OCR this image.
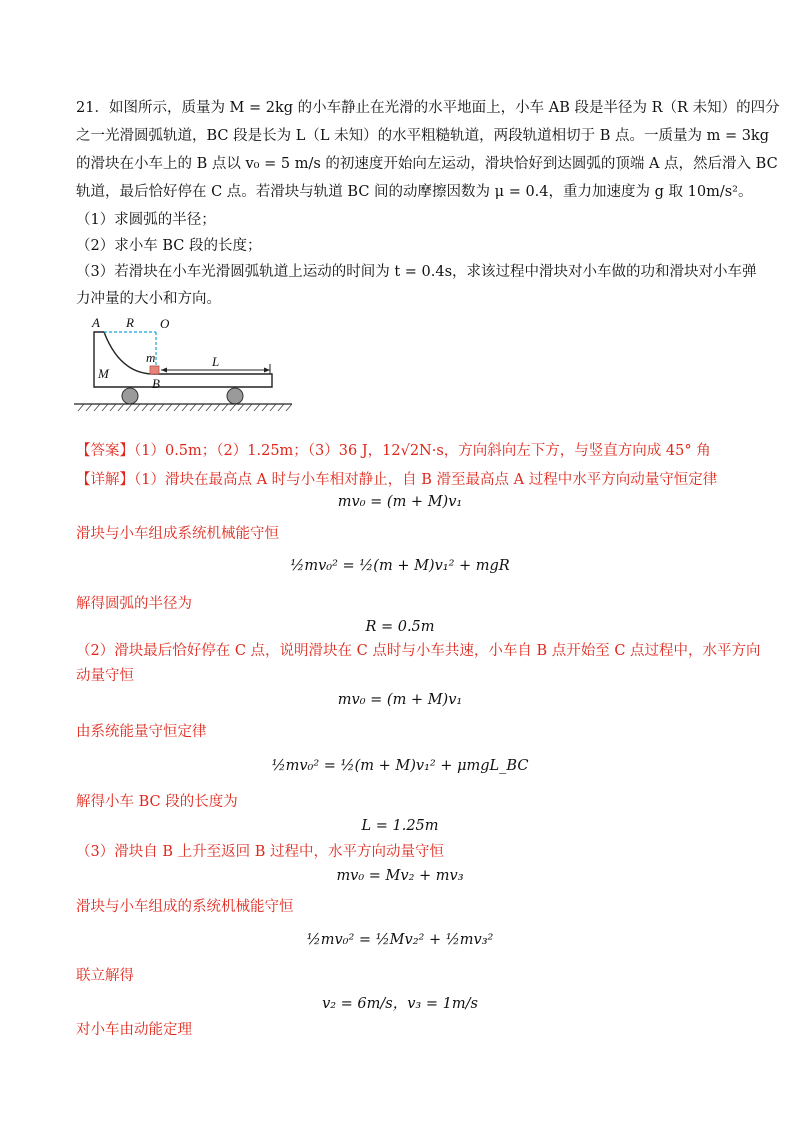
21．如图所示，质量为 M = 2kg 的小车静止在光滑的水平地面上，小车 AB 段是半径为 R（R 未知）的四分
之一光滑圆弧轨道，BC 段是长为 L（L 未知）的水平粗糙轨道，两段轨道相切于 B 点。一质量为 m = 3kg
的滑块在小车上的 B 点以 v₀ = 5 m/s 的初速度开始向左运动，滑块恰好到达圆弧的顶端 A 点，然后滑入 BC
轨道，最后恰好停在 C 点。若滑块与轨道 BC 间的动摩擦因数为 μ = 0.4，重力加速度为 g 取 10m/s²。
（1）求圆弧的半径；
（2）求小车 BC 段的长度；
（3）若滑块在小车光滑圆弧轨道上运动的时间为 t = 0.4s，求该过程中滑块对小车做的功和滑块对小车弹
力冲量的大小和方向。
A R O
m
M
L
B
【答案】（1）0.5m；（2）1.25m；（3）36 J，12√2N·s，方向斜向左下方，与竖直方向成 45° 角
【详解】（1）滑块在最高点 A 时与小车相对静止，自 B 滑至最高点 A 过程中水平方向动量守恒定律
mv₀ = (m + M)v₁
滑块与小车组成系统机械能守恒
½mv₀² = ½(m + M)v₁² + mgR
解得圆弧的半径为
R = 0.5m
（2）滑块最后恰好停在 C 点，说明滑块在 C 点时与小车共速，小车自 B 点开始至 C 点过程中，水平方向
动量守恒
mv₀ = (m + M)v₁
由系统能量守恒定律
½mv₀² = ½(m + M)v₁² + μmgL_BC
解得小车 BC 段的长度为
L = 1.25m
（3）滑块自 B 上升至返回 B 过程中，水平方向动量守恒
mv₀ = Mv₂ + mv₃
滑块与小车组成的系统机械能守恒
½mv₀² = ½Mv₂² + ½mv₃²
联立解得
v₂ = 6m/s，v₃ = 1m/s
对小车由动能定理
